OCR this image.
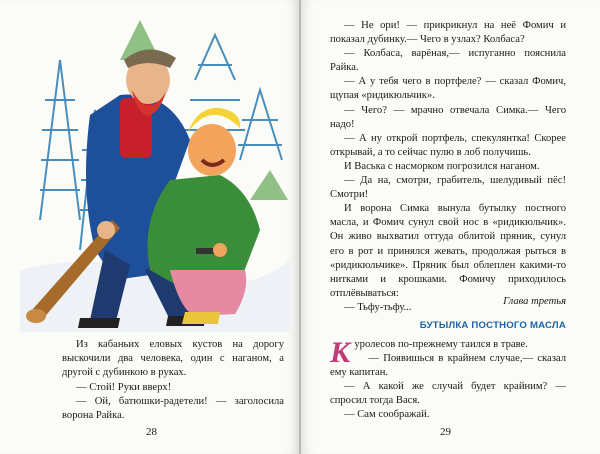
Из кабаньих еловых кустов на дорогу выскочили два человека, один с наганом, а другой с дубинкою в руках.

— Стой! Руки вверх!

— Ой, батюшки-радетели! — заголосила ворона Райка.

28

— Не ори! — прикрикнул на неё Фомич и показал дубинку.— Чего в узлах? Колбаса?

— Колбаса, варёная,— испуганно пояснила Райка.

— А у тебя чего в портфеле? — сказал Фомич, щупая «ридикюльчик».

— Чего? — мрачно отвечала Симка.— Чего надо!

— А ну открой портфель, спекулянтка! Скорее открывай, а то сейчас пулю в лоб получишь.

И Васька с насморком погрозился наганом.

— Да на, смотри, грабитель, шелудивый пёс! Смотри!

И ворона Симка вынула бутылку постного масла, и Фомич сунул свой нос в «ридикюльчик». Он живо выхватил оттуда облитой пряник, сунул его в рот и принялся жевать, продолжая рыться в «ридикюльчике». Пряник был облеплен какими-то нитками и крошками. Фомичу приходилось отплёвываться:

— Тьфу-тьфу...

Глава третья
БУТЫЛКА ПОСТНОГО МАСЛА

Куролесов по-прежнему таился в траве.

— Появишься в крайнем случае,— сказал ему капитан.

— А какой же случай будет крайним? — спросил тогда Вася.

— Сам соображай.

29
